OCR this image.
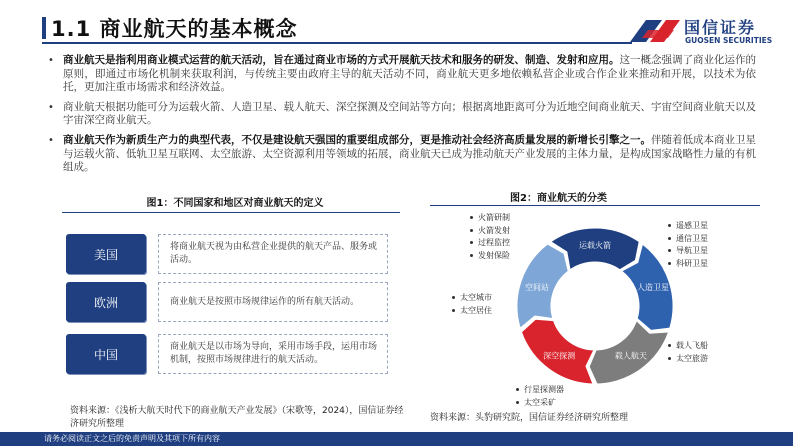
1.1 商业航天的基本概念	国信证券
GUOSEN SECURITIES
• 商业航天是指利用商业模式运营的航天活动，旨在通过商业市场的方式开展航天技术和服务的研发、制造、发射和应用。这一概念强调了商业化运作的原则，即通过市场化机制来获取利润，与传统主要由政府主导的航天活动不同，商业航天更多地依赖私营企业或合作企业来推动和开展，以技术为依托，更加注重市场需求和经济效益。
• 商业航天根据功能可分为运载火箭、人造卫星、载人航天、深空探测及空间站等方向；根据离地距离可分为近地空间商业航天、宇宙空间商业航天以及宇宙深空商业航天。
• 商业航天作为新质生产力的典型代表，不仅是建设航天强国的重要组成部分，更是推动社会经济高质量发展的新增长引擎之一。伴随着低成本商业卫星与运载火箭、低轨卫星互联网、太空旅游、太空资源利用等领域的拓展，商业航天已成为推动航天产业发展的主体力量，是构成国家战略性力量的有机组成。
图1：不同国家和地区对商业航天的定义
美国
将商业航天视为由私营企业提供的航天产品、服务或活动。
欧洲	商业航天是按照市场规律运作的所有航天活动。
中国
商业航天是以市场为导向，采用市场手段，运用市场机制，按照市场规律进行的航天活动。
资料来源：《浅析大航天时代下的商业航天产业发展》（宋歌等，2024），国信证券经济研究所整理
图2：商业航天的分类
运载火箭
人造卫星
载人航天
深空探测
空间站
火箭研制
火箭发射
过程监控
发射保险
遥感卫星
通信卫星
导航卫星
科研卫星
载人飞船
太空旅游
行星探测器
太空采矿
太空城市
太空居住
资料来源：头豹研究院，国信证券经济研究所整理
请务必阅读正文之后的免责声明及其项下所有内容
